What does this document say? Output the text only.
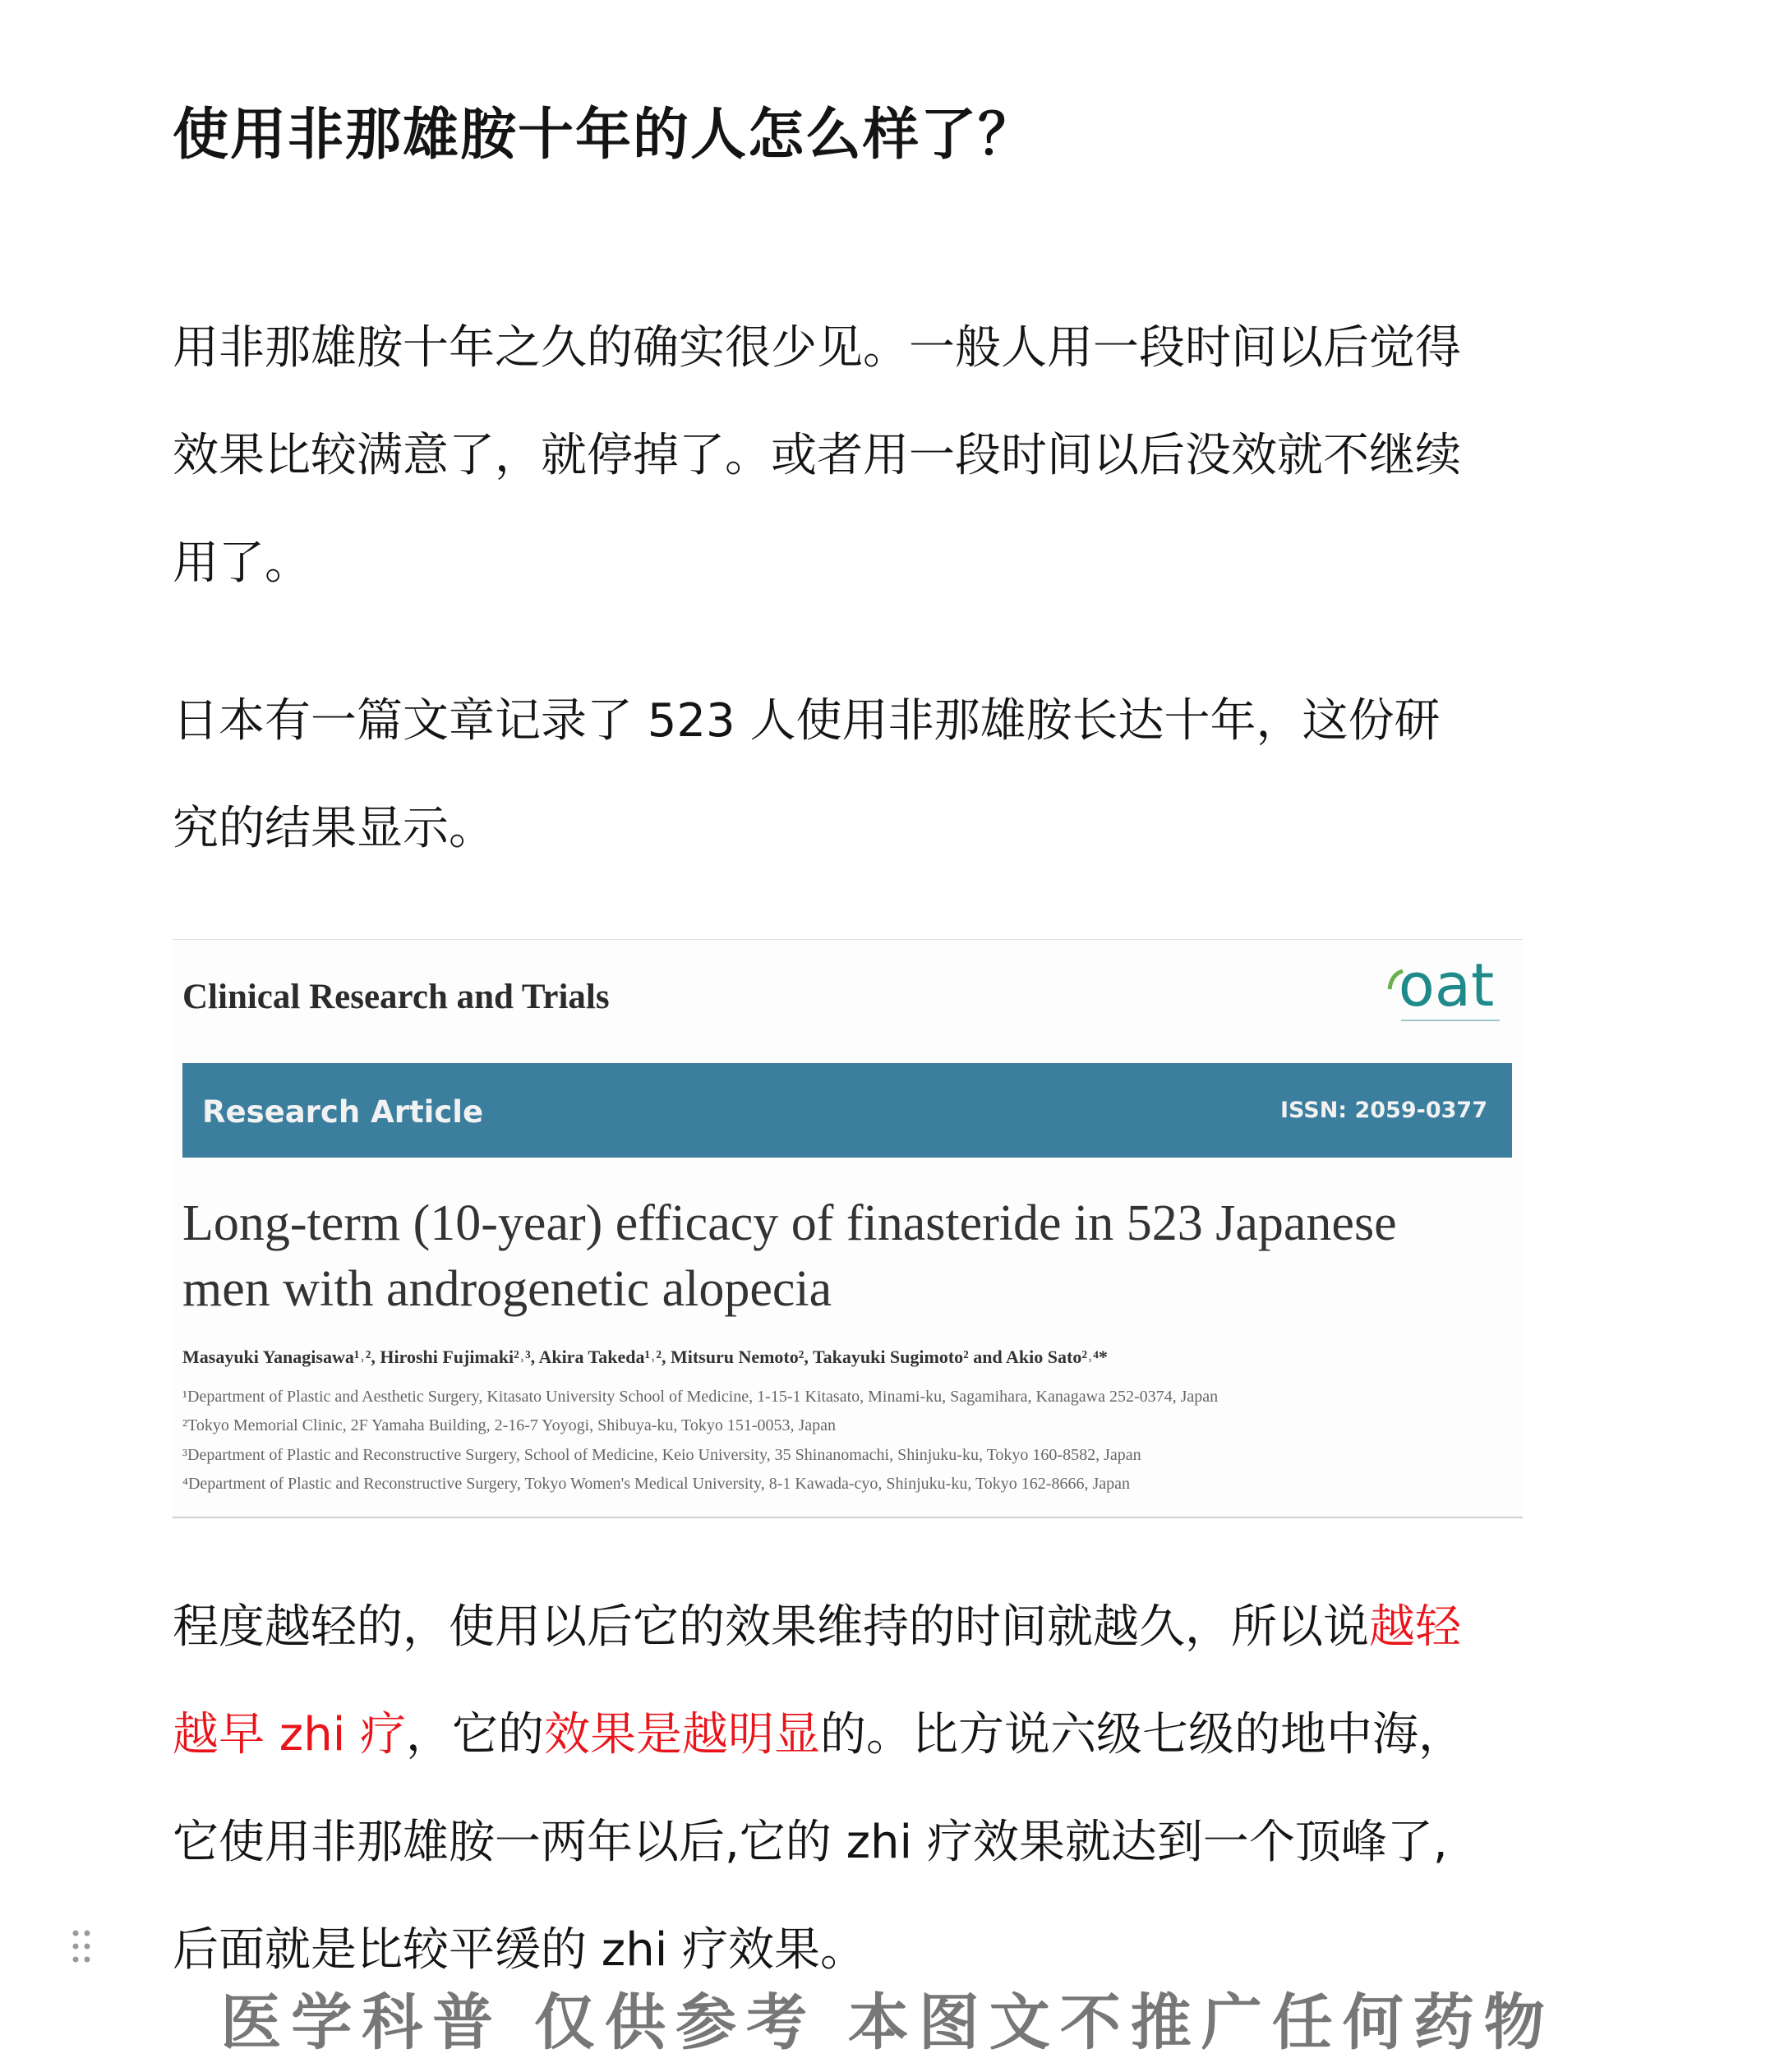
使用非那雄胺十年的人怎么样了？
用非那雄胺十年之久的确实很少见。一般人用一段时间以后觉得
效果比较满意了，就停掉了。或者用一段时间以后没效就不继续
用了。
日本有一篇文章记录了 523 人使用非那雄胺长达十年，这份研
究的结果显示。
Clinical Research and Trials	oat
Research Article	ISSN: 2059-0377
Long-term (10-year) efficacy of finasteride in 523 Japanese
men with androgenetic alopecia
Masayuki Yanagisawa¹˒², Hiroshi Fujimaki²˒³, Akira Takeda¹˒², Mitsuru Nemoto², Takayuki Sugimoto² and Akio Sato²˒⁴*
¹Department of Plastic and Aesthetic Surgery, Kitasato University School of Medicine, 1-15-1 Kitasato, Minami-ku, Sagamihara, Kanagawa 252-0374, Japan
²Tokyo Memorial Clinic, 2F Yamaha Building, 2-16-7 Yoyogi, Shibuya-ku, Tokyo 151-0053, Japan
³Department of Plastic and Reconstructive Surgery, School of Medicine, Keio University, 35 Shinanomachi, Shinjuku-ku, Tokyo 160-8582, Japan
⁴Department of Plastic and Reconstructive Surgery, Tokyo Women's Medical University, 8-1 Kawada-cyo, Shinjuku-ku, Tokyo 162-8666, Japan
程度越轻的，使用以后它的效果维持的时间就越久，所以说越轻
越早 zhi 疗，它的效果是越明显的。比方说六级七级的地中海，
它使用非那雄胺一两年以后,它的 zhi 疗效果就达到一个顶峰了,
后面就是比较平缓的 zhi 疗效果。
医学科普 仅供参考 本图文不推广任何药物
